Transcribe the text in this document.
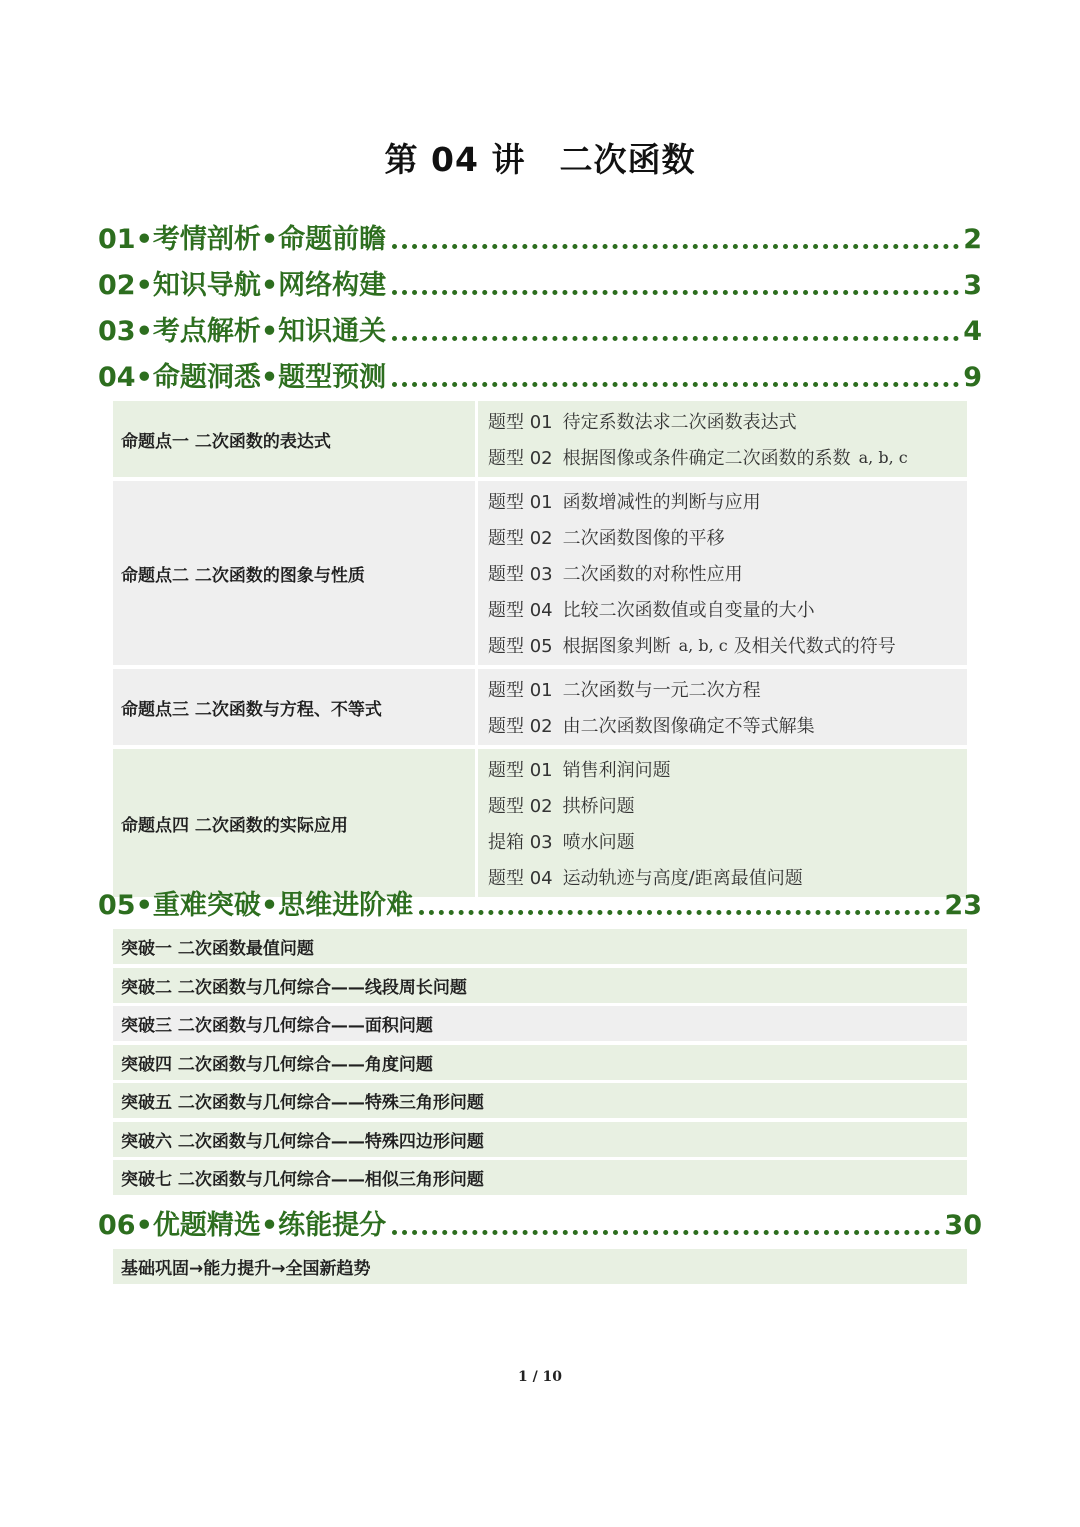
第 04 讲 二次函数
01•考情剖析•命题前瞻	2
02•知识导航•网络构建	3
03•考点解析•知识通关	4
04•命题洞悉•题型预测	9
命题点一 二次函数的表达式
题型 01 待定系数法求二次函数表达式
题型 02 根据图像或条件确定二次函数的系数 a, b, c
命题点二 二次函数的图象与性质
题型 01 函数增减性的判断与应用
题型 02 二次函数图像的平移
题型 03 二次函数的对称性应用
题型 04 比较二次函数值或自变量的大小
题型 05 根据图象判断 a, b, c 及相关代数式的符号
命题点三 二次函数与方程、不等式
题型 01 二次函数与一元二次方程
题型 02 由二次函数图像确定不等式解集
命题点四 二次函数的实际应用
题型 01 销售利润问题
题型 02 拱桥问题
提箱 03 喷水问题
题型 04 运动轨迹与高度/距离最值问题
05•重难突破•思维进阶难	23
突破一 二次函数最值问题
突破二 二次函数与几何综合——线段周长问题
突破三 二次函数与几何综合——面积问题
突破四 二次函数与几何综合——角度问题
突破五 二次函数与几何综合——特殊三角形问题
突破六 二次函数与几何综合——特殊四边形问题
突破七 二次函数与几何综合——相似三角形问题
06•优题精选•练能提分	30
基础巩固→能力提升→全国新趋势
1 / 10
